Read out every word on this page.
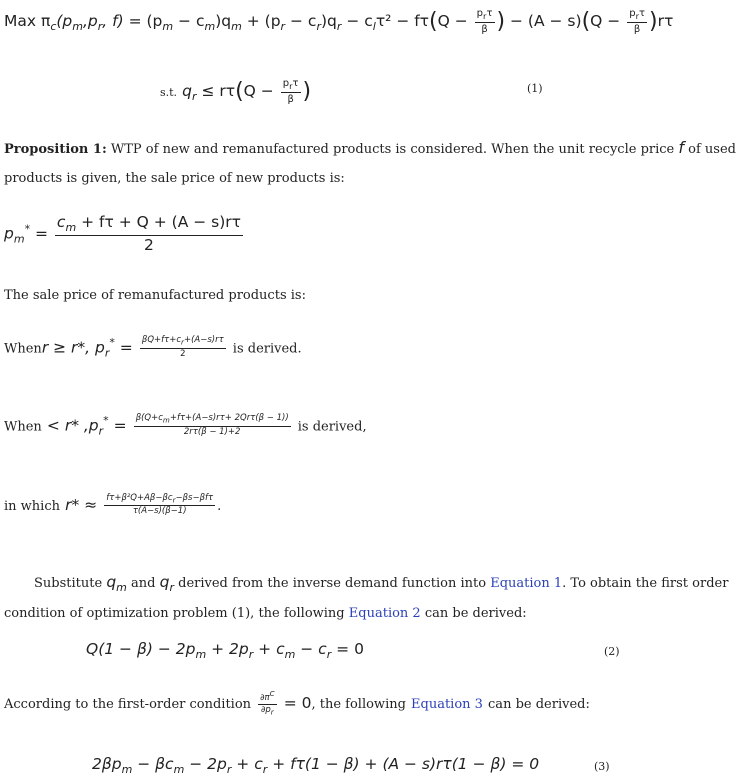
Max $\pi_c(p_m,p_r$, $f) = (p_m - c_m)q_m + (p_r - c_r)q_r - c_l\tau^2 - f\tau(Q - \frac{p_r\tau}{\beta}$ ) − $(A - s)(Q - \frac{p_r\tau}{\beta} )r\tau$
s.t. $q_r \le r\tau(Q - \frac{p_r\tau}{\beta}$ )	(1)
Proposition 1: WTP of new and remanufactured products is considered. When the unit recycle price f of used
products is given, the sale price of new products is:
$p_m^* = \frac{c_m + f\tau + Q + (A - s)r\tau}{2}$
The sale price of remanufactured products is:
Whenr ≥ r*, $p_r^* = \frac{\beta Q+f\tau+c_r+(A-s)r\tau}{2}$ is derived.
When < r* $,p_r^* = \frac{\beta(Q+c_m+f\tau+(A-s)r\tau+ 2Qr\tau(\beta - 1))}{2r\tau(\beta - 1)+2}$ is derived,
in which $r* \approx \frac{f\tau+\beta^2Q+A\beta-\beta c_r-\beta s-\beta f\tau}{\tau(A-s)(\beta-1)}$ .
Substitute $q_m$ and $q_r$ derived from the inverse demand function into Equation 1. To obtain the first order
condition of optimization problem (1), the following Equation 2 can be derived:
$Q(1 - \beta) - 2p_m + 2p_r + c_m - c_r = 0$	(2)
According to the first-order condition $\frac{\partial\pi^C}{\partial p_r} = 0$, the following Equation 3 can be derived:
$2\beta p_m - \beta c_m - 2p_r + c_r + f\tau(1 - \beta) + (A - s)r\tau(1 - \beta) = 0$	(3)
